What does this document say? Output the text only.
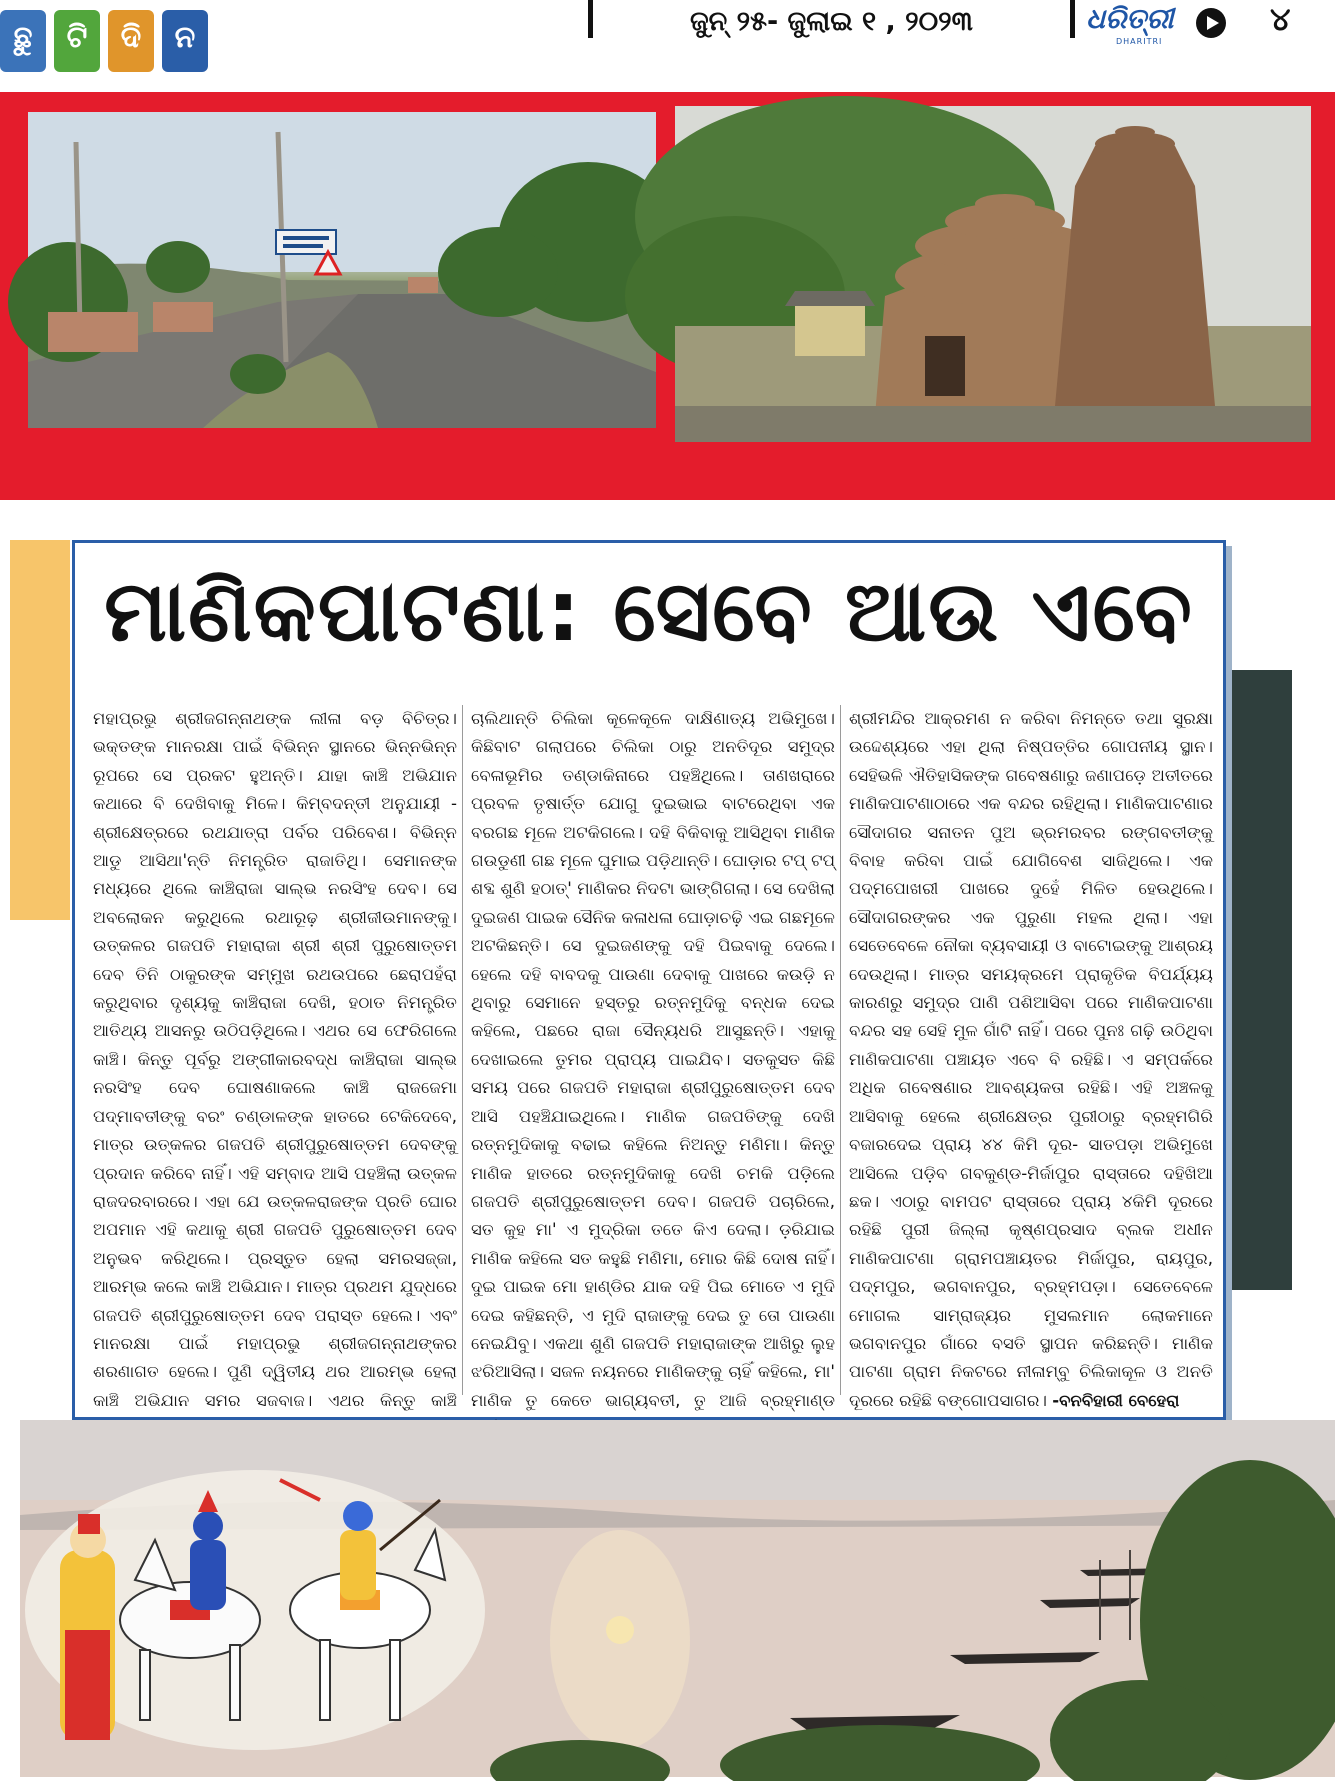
ଛୁ	ଟି	ଦି	ନ	ଜୁନ୍ ୨୫- ଜୁଲାଇ ୧ , ୨୦୨୩	ଧରିତ୍ରୀ
DHARITRI
୪
ମାଣିକପାଟଣା: ସେବେ ଆଉ ଏବେ
ମହାପ୍ରଭୁ ଶ୍ରୀଜଗନ୍ନାଥଙ୍କ ଲୀଳା ବଡ଼ ବିଚିତ୍ର। ଭକ୍ତଙ୍କ ମାନରକ୍ଷା ପାଇଁ ବିଭିନ୍ନ ସ୍ଥାନରେ ଭିନ୍ନଭିନ୍ନ ରୂପରେ ସେ ପ୍ରକଟ ହୁଅନ୍ତି। ଯାହା କାଞ୍ଚି ଅଭିଯାନ କଥାରେ ବି ଦେଖିବାକୁ ମିଳେ। କିମ୍ବଦନ୍ତୀ ଅନୁଯାୟୀ - ଶ୍ରୀକ୍ଷେତ୍ରରେ ରଥଯାତ୍ରା ପର୍ବର ପରିବେଶ। ବିଭିନ୍ନ ଆଡୁ ଆସିଥା'ନ୍ତି ନିମନ୍ତ୍ରିତ ରାଜାତିଥି। ସେମାନଙ୍କ ମଧ୍ୟରେ ଥିଲେ କାଞ୍ଚିରାଜା ସାଲ୍ଭ ନରସିଂହ ଦେବ। ସେ ଅବଲୋକନ କରୁଥିଲେ ରଥାରୂଢ଼ ଶ୍ରୀଜୀଉମାନଙ୍କୁ। ଉତ୍କଳର ଗଜପତି ମହାରାଜା ଶ୍ରୀ ଶ୍ରୀ ପୁରୁଷୋତ୍ତମ ଦେବ ତିନି ଠାକୁରଙ୍କ ସମ୍ମୁଖ ରଥଉପରେ ଛେରାପହଁରା କରୁଥିବାର ଦୃଶ୍ୟକୁ କାଞ୍ଚିରାଜା ଦେଖି, ହଠାତ ନିମନ୍ତ୍ରିତ ଆତିଥ୍ୟ ଆସନରୁ ଉଠିପଡ଼ିଥିଲେ। ଏଥର ସେ ଫେରିଗଲେ କାଞ୍ଚି। କିନ୍ତୁ ପୂର୍ବରୁ ଅଙ୍ଗୀକାରବଦ୍ଧ କାଞ୍ଚିରାଜା ସାଲ୍ଭ ନରସିଂହ ଦେବ ଘୋଷଣାକଲେ କାଞ୍ଚି ରାଜଜେମା ପଦ୍ମାବତୀଙ୍କୁ ବରଂ ଚଣ୍ଡାଳଙ୍କ ହାତରେ ଟେକିଦେବେ, ମାତ୍ର ଉତ୍କଳର ଗଜପତି ଶ୍ରୀପୁରୁଷୋତ୍ତମ ଦେବଙ୍କୁ ପ୍ରଦାନ କରିବେ ନାହିଁ। ଏହି ସମ୍ବାଦ ଆସି ପହଞ୍ଚିଲା ଉତ୍କଳ ରାଜଦରବାରରେ। ଏହା ଯେ ଉତ୍କଳରାଜଙ୍କ ପ୍ରତି ଘୋର ଅପମାନ ଏହି କଥାକୁ ଶ୍ରୀ ଗଜପତି ପୁରୁଷୋତ୍ତମ ଦେବ ଅନୁଭବ କରିଥିଲେ। ପ୍ରସ୍ତୁତ ହେଲା ସମରସଜ୍ଜା, ଆରମ୍ଭ କଲେ କାଞ୍ଚି ଅଭିଯାନ। ମାତ୍ର ପ୍ରଥମ ଯୁଦ୍ଧରେ ଗଜପତି ଶ୍ରୀପୁରୁଷୋତ୍ତମ ଦେବ ପରାସ୍ତ ହେଲେ। ଏବଂ ମାନରକ୍ଷା ପାଇଁ ମହାପ୍ରଭୁ ଶ୍ରୀଜଗନ୍ନାଥଙ୍କର ଶରଣାଗତ ହେଲେ। ପୁଣି ଦ୍ୱିତୀୟ ଥର ଆରମ୍ଭ ହେଲା କାଞ୍ଚି ଅଭିଯାନ ସମର ସଜବାଜ। ଏଥର କିନ୍ତୁ କାଞ୍ଚି
ଚାଲିଥାନ୍ତି ଚିଲିକା କୂଳେକୂଳେ ଦାକ୍ଷିଣାତ୍ୟ ଅଭିମୁଖେ। କିଛିବାଟ ଗଲାପରେ ଚିଲିକା ଠାରୁ ଅନତିଦୂର ସମୁଦ୍ର ବେଳାଭୂମିର ତଣ୍ଡାକିନାରେ ପହଞ୍ଚିଥିଲେ। ତାଣଖରାରେ ପ୍ରବଳ ତୃଷାର୍ତ୍ତ ଯୋଗୁ ଦୁଇଭାଇ ବାଟରେଥିବା ଏକ ବରଗଛ ମୂଳେ ଅଟକିଗଲେ। ଦହି ବିକିବାକୁ ଆସିଥିବା ମାଣିକ ଗଉଡୁଣୀ ଗଛ ମୂଳେ ଘୁମାଇ ପଡ଼ିଥାନ୍ତି। ଘୋଡ଼ାର ଟପ୍ ଟପ୍ ଶବ୍ଦ ଶୁଣି ହଠାତ୍' ମାଣିକର ନିଦଟା ଭାଙ୍ଗିଗଲା। ସେ ଦେଖିଲା ଦୁଇଜଣ ପାଇକ ସୈନିକ କଳାଧଳା ଘୋଡ଼ାଚଢ଼ି ଏଇ ଗଛମୂଳେ ଅଟକିଛନ୍ତି। ସେ ଦୁଇଜଣଙ୍କୁ ଦହି ପିଇବାକୁ ଦେଲେ। ହେଲେ ଦହି ବାବଦକୁ ପାଉଣା ଦେବାକୁ ପାଖରେ କଉଡ଼ି ନ ଥିବାରୁ ସେମାନେ ହସ୍ତରୁ ରତ୍ନମୁଦିକୁ ବନ୍ଧକ ଦେଇ କହିଲେ, ପଛରେ ରାଜା ସୈନ୍ୟଧରି ଆସୁଛନ୍ତି। ଏହାକୁ ଦେଖାଇଲେ ତୁମର ପ୍ରାପ୍ୟ ପାଇଯିବ। ସତକୁସତ କିଛି ସମୟ ପରେ ଗଜପତି ମହାରାଜା ଶ୍ରୀପୁରୁଷୋତ୍ତମ ଦେବ ଆସି ପହଞ୍ଚିଯାଇଥିଲେ। ମାଣିକ ଗଜପତିଙ୍କୁ ଦେଖି ରତ୍ନମୁଦିକାକୁ ବଢାଇ କହିଲେ ନିଅନ୍ତୁ ମଣିମା। କିନ୍ତୁ ମାଣିକ ହାତରେ ରତ୍ନମୁଦିକାକୁ ଦେଖି ଚମକି ପଡ଼ିଲେ ଗଜପତି ଶ୍ରୀପୁରୁଷୋତ୍ତମ ଦେବ। ଗଜପତି ପଚାରିଲେ, ସତ କୁହ ମା' ଏ ମୁଦ୍ରିକା ତତେ କିଏ ଦେଲା। ଡ଼ରିଯାଇ ମାଣିକ କହିଲେ ସତ କହୁଛି ମଣିମା, ମୋର କିଛି ଦୋଷ ନାହିଁ। ଦୁଇ ପାଇକ ମୋ ହାଣ୍ଡିର ଯାକ ଦହି ପିଇ ମୋତେ ଏ ମୁଦି ଦେଇ କହିଛନ୍ତି, ଏ ମୁଦି ରାଜାଙ୍କୁ ଦେଇ ତୁ ତୋ ପାଉଣା ନେଇଯିବୁ। ଏକଥା ଶୁଣି ଗଜପତି ମହାରାଜାଙ୍କ ଆଖିରୁ ଲୁହ ଝରିଆସିଲା। ସଜଳ ନୟନରେ ମାଣିକଙ୍କୁ ଚାହିଁ କହିଲେ, ମା' ମାଣିକ ତୁ କେତେ ଭାଗ୍ୟବତୀ, ତୁ ଆଜି ବ୍ରହ୍ମାଣ୍ଡ
ଶ୍ରୀମନ୍ଦିର ଆକ୍ରମଣ ନ କରିବା ନିମନ୍ତେ ତଥା ସୁରକ୍ଷା ଉଦ୍ଦେଶ୍ୟରେ ଏହା ଥିଲା ନିଷ୍ପତ୍ତିର ଗୋପନୀୟ ସ୍ଥାନ। ସେହିଭଳି ଐତିହାସିକଙ୍କ ଗବେଷଣାରୁ ଜଣାପଡ଼େ ଅତୀତରେ ମାଣିକପାଟଣାଠାରେ ଏକ ବନ୍ଦର ରହିଥିଲା। ମାଣିକପାଟଣାର ସୌଦାଗର ସନାତନ ପୁଅ ଭ୍ରମରବର ରଙ୍ଗବତୀଙ୍କୁ ବିବାହ କରିବା ପାଇଁ ଯୋଗିବେଶ ସାଜିଥିଲେ। ଏକ ପଦ୍ମପୋଖରୀ ପାଖରେ ଦୁହେଁ ମିଳିତ ହେଉଥିଲେ। ସୌଦାଗରଙ୍କର ଏକ ପୁରୁଣା ମହଲ ଥିଲା। ଏହା ସେତେବେଳେ ନୌକା ବ୍ୟବସାୟୀ ଓ ବାଟୋଇଙ୍କୁ ଆଶ୍ରୟ ଦେଉଥିଲା। ମାତ୍ର ସମୟକ୍ରମେ ପ୍ରାକୃତିକ ବିପର୍ଯ୍ୟୟ କାରଣରୁ ସମୁଦ୍ର ପାଣି ପଶିଆସିବା ପରେ ମାଣିକପାଟଣା ବନ୍ଦର ସହ ସେହି ମୁଳ ଗାଁଟି ନାହିଁ। ପରେ ପୁନଃ ଗଢ଼ି ଉଠିଥିବା ମାଣିକପାଟଣା ପଞ୍ଚାୟତ ଏବେ ବି ରହିଛି। ଏ ସମ୍ପର୍କରେ ଅଧିକ ଗବେଷଣାର ଆବଶ୍ୟକତା ରହିଛି। ଏହି ଅଞ୍ଚଳକୁ ଆସିବାକୁ ହେଲେ ଶ୍ରୀକ୍ଷେତ୍ର ପୁରୀଠାରୁ ବ୍ରହ୍ମଗିରି ବଜାରଦେଇ ପ୍ରାୟ ୪୪ କିମି ଦୂର- ସାତପଡ଼ା ଅଭିମୁଖେ ଆସିଲେ ପଡ଼ିବ ଗବକୁଣ୍ଡ-ମିର୍ଜାପୁର ରାସ୍ତାରେ ଦହିଖିଆ ଛକ। ଏଠାରୁ ବାମପଟ ରାସ୍ତାରେ ପ୍ରାୟ ୪କିମି ଦୂରରେ ରହିଛି ପୁରୀ ଜିଲ୍ଲା କୃଷ୍ଣପ୍ରସାଦ ବ୍ଲକ ଅଧୀନ ମାଣିକପାଟଣା ଗ୍ରାମପଞ୍ଚାୟତର ମିର୍ଜାପୁର, ରାୟପୁର, ପଦ୍ମପୁର, ଭଗବାନପୁର, ବ୍ରହ୍ମପଡ଼ା। ସେତେବେଳେ ମୋଗଲ ସାମ୍ରାଜ୍ୟର ମୁସଲମାନ ଲୋକମାନେ ଭଗବାନପୁର ଗାଁରେ ବସତି ସ୍ଥାପନ କରିଛନ୍ତି। ମାଣିକ ପାଟଣା ଗ୍ରାମ ନିକଟରେ ନୀଳାମ୍ବୁ ଚିଲିକାକୂଳ ଓ ଅନତି ଦୂରରେ ରହିଛି ବଙ୍ଗୋପସାଗର। -ବନବିହାରୀ ବେହେରା
